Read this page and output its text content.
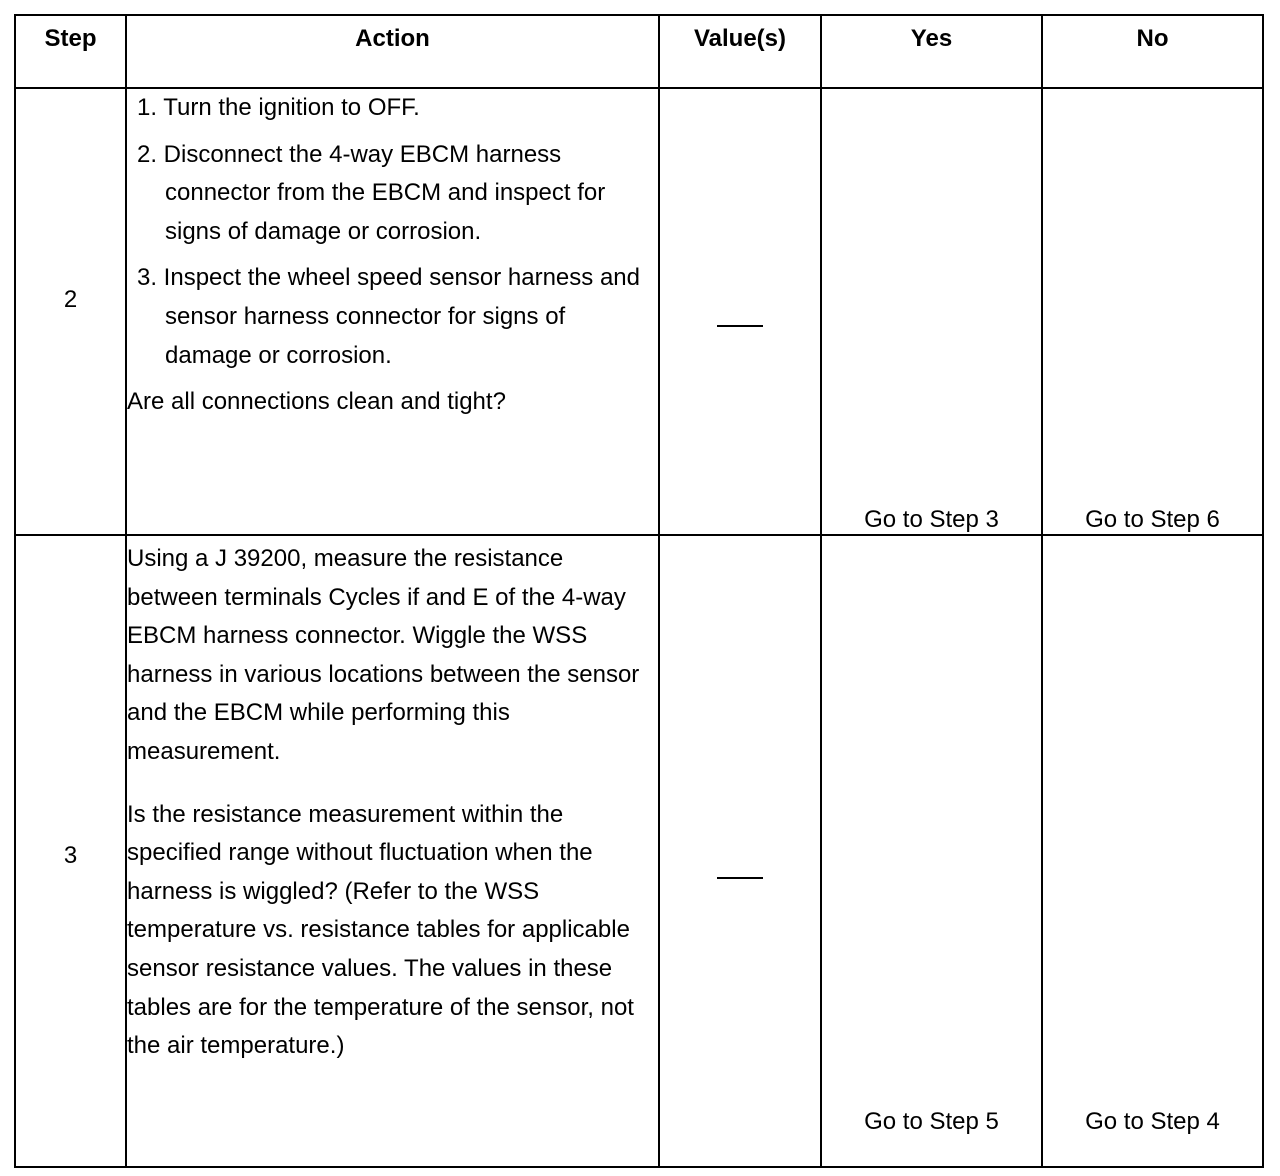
Step	Action	Value(s)	Yes	No

2	1. Turn the ignition to OFF.

2. Disconnect the 4-way EBCM harness connector from the EBCM and inspect for signs of damage or corrosion.

3. Inspect the wheel speed sensor harness and sensor harness connector for signs of damage or corrosion.

Are all connections clean and tight?		Go to Step 3	Go to Step 6

3	Using a J 39200, measure the resistance between terminals Cycles if and E of the 4-way EBCM harness connector. Wiggle the WSS harness in various locations between the sensor and the EBCM while performing this measurement.

Is the resistance measurement within the specified range without fluctuation when the harness is wiggled? (Refer to the WSS temperature vs. resistance tables for applicable sensor resistance values. The values in these tables are for the temperature of the sensor, not the air temperature.)		Go to Step 5	Go to Step 4
